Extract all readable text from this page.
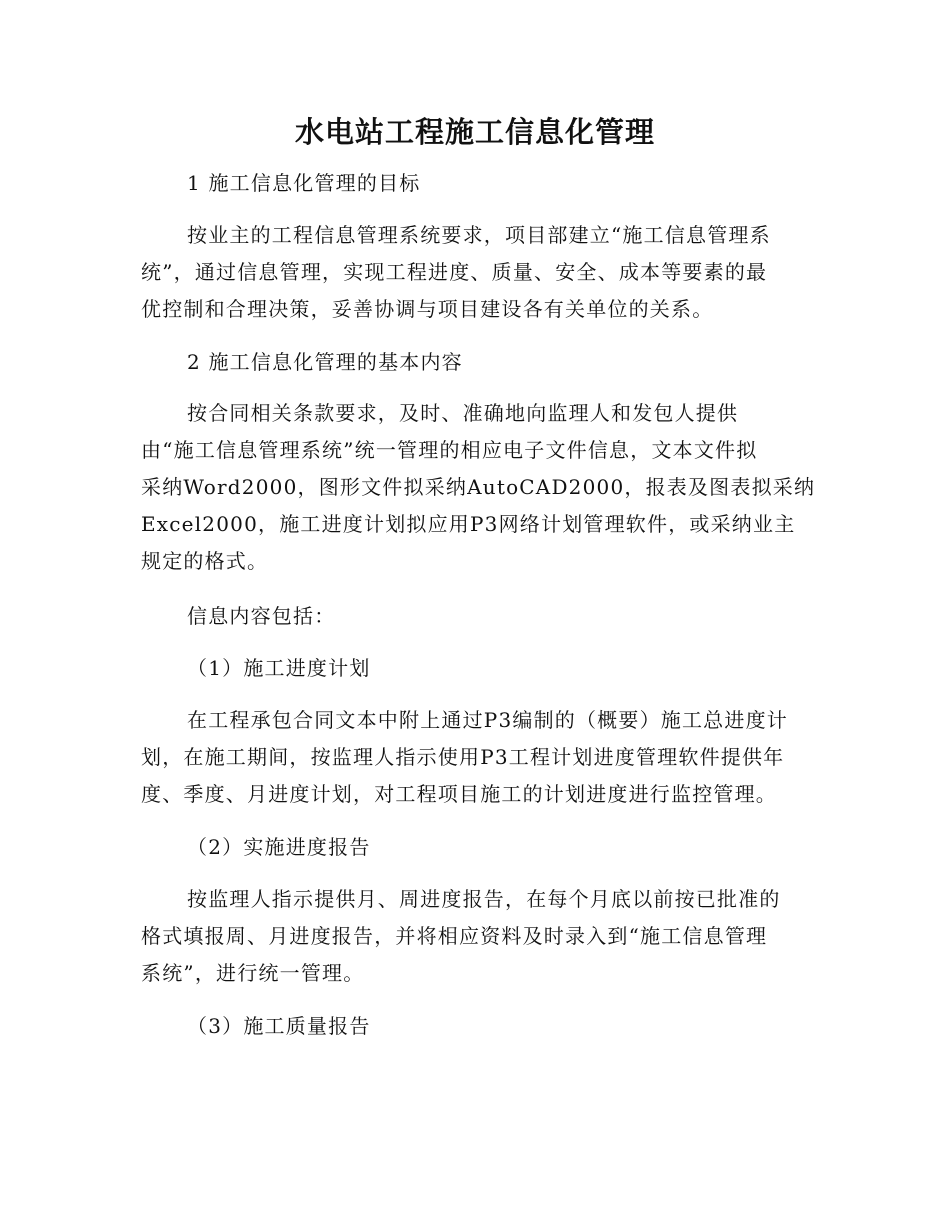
水电站工程施工信息化管理

1 施工信息化管理的目标

按业主的工程信息管理系统要求，项目部建立“施工信息管理系
统”，通过信息管理，实现工程进度、质量、安全、成本等要素的最
优控制和合理决策，妥善协调与项目建设各有关单位的关系。

2 施工信息化管理的基本内容

按合同相关条款要求，及时、准确地向监理人和发包人提供
由“施工信息管理系统”统一管理的相应电子文件信息，文本文件拟
采纳Word2000，图形文件拟采纳AutoCAD2000，报表及图表拟采纳
Excel2000，施工进度计划拟应用P3网络计划管理软件，或采纳业主
规定的格式。

信息内容包括：

（1）施工进度计划

在工程承包合同文本中附上通过P3编制的（概要）施工总进度计
划，在施工期间，按监理人指示使用P3工程计划进度管理软件提供年
度、季度、月进度计划，对工程项目施工的计划进度进行监控管理。

（2）实施进度报告

按监理人指示提供月、周进度报告，在每个月底以前按已批准的
格式填报周、月进度报告，并将相应资料及时录入到“施工信息管理
系统”，进行统一管理。

（3）施工质量报告
